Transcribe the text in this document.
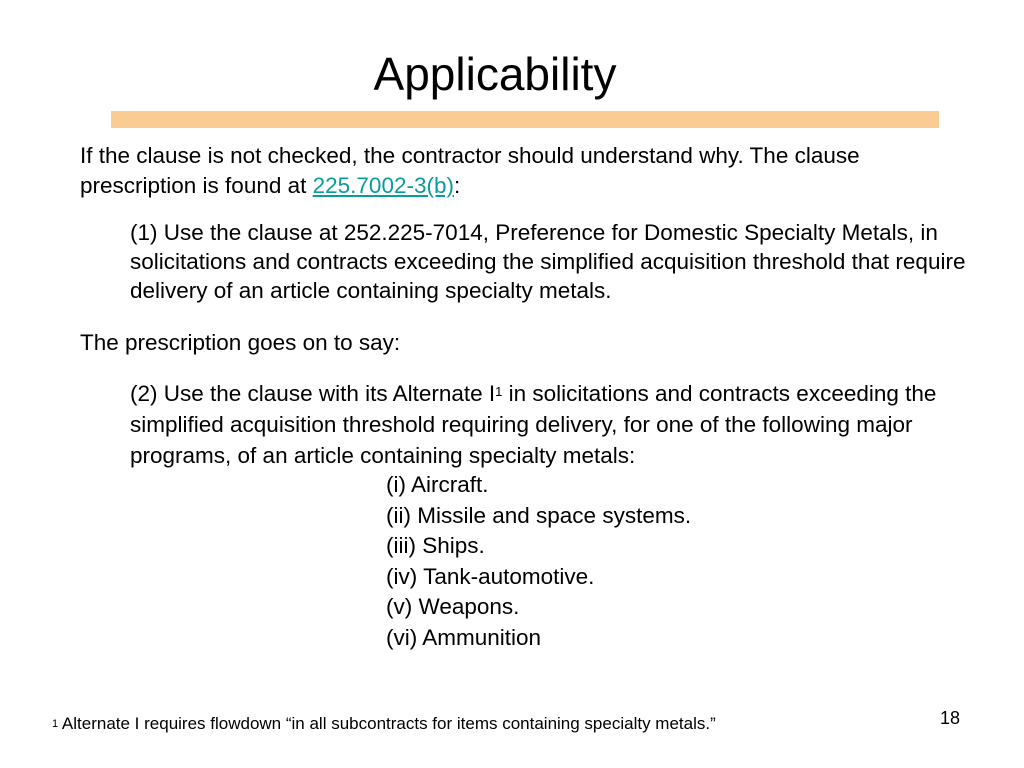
Applicability

If the clause is not checked, the contractor should understand why. The clause prescription is found at 225.7002-3(b):

(1) Use the clause at 252.225-7014, Preference for Domestic Specialty Metals, in solicitations and contracts exceeding the simplified acquisition threshold that require delivery of an article containing specialty metals.

The prescription goes on to say:

(2) Use the clause with its Alternate $I^1$ in solicitations and contracts exceeding the simplified acquisition threshold requiring delivery, for one of the following major programs, of an article containing specialty metals:

(i) Aircraft.
(ii) Missile and space systems.
(iii) Ships.
(iv) Tank-automotive.
(v) Weapons.
(vi) Ammunition

$^1$ Alternate I requires flowdown “in all subcontracts for items containing specialty metals.”	18
